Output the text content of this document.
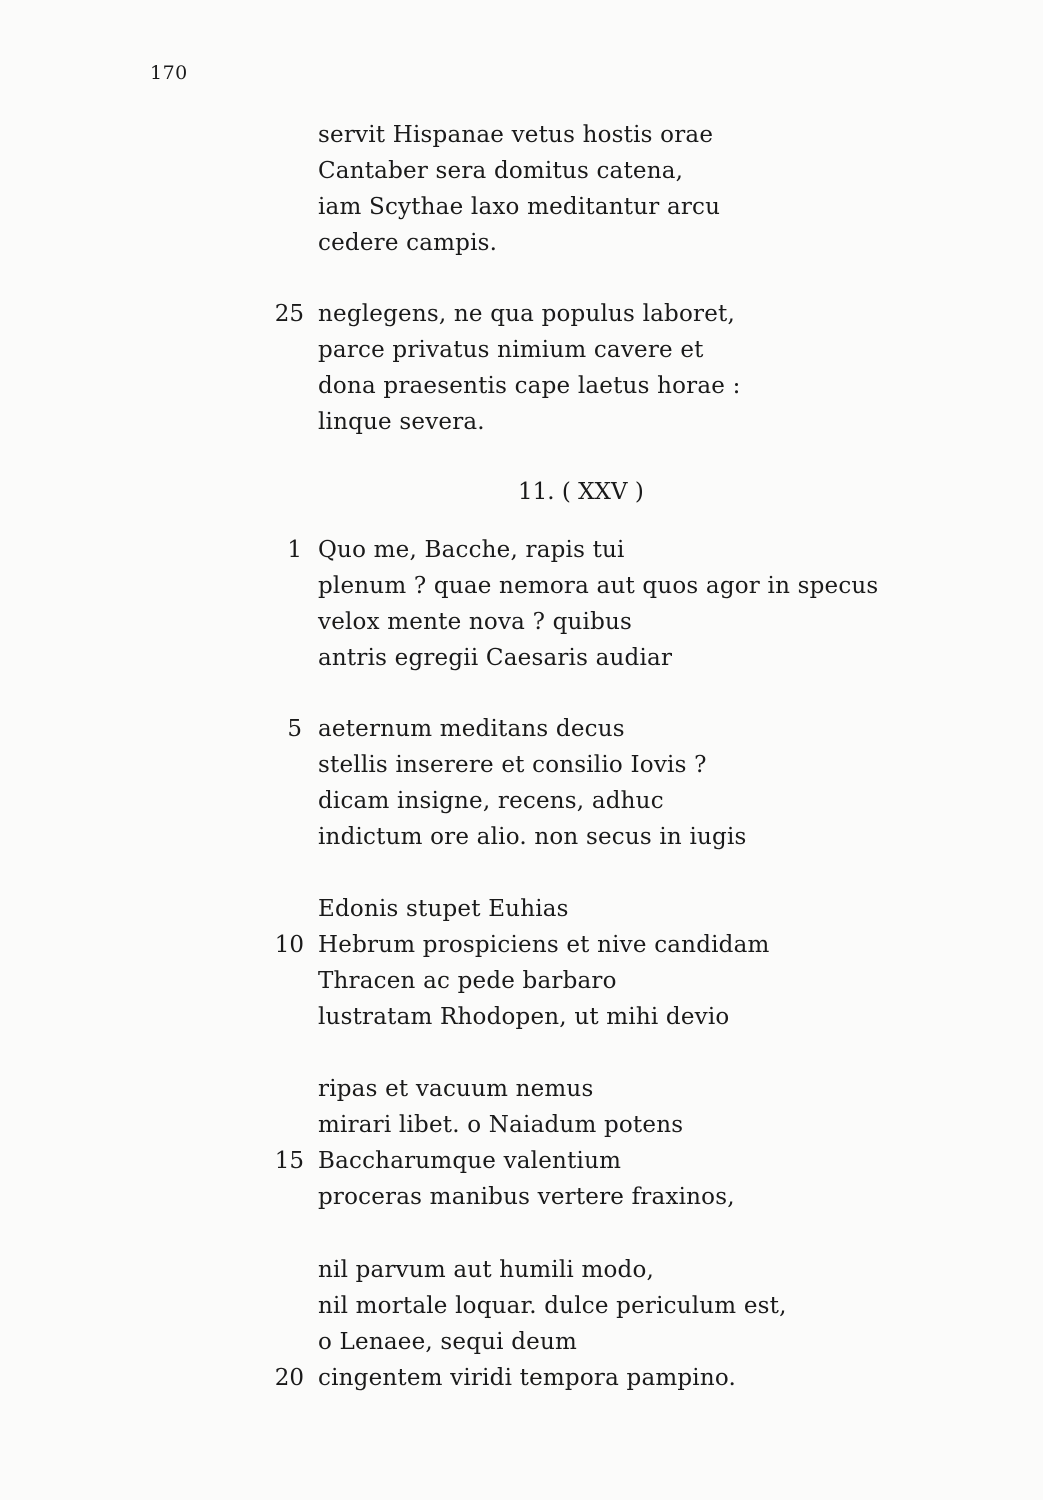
170
servit Hispanae vetus hostis orae
Cantaber sera domitus catena,
iam Scythae laxo meditantur arcu
cedere campis.
25 neglegens, ne qua populus laboret,
parce privatus nimium cavere et
dona praesentis cape laetus horae :
linque severa.
11. ( XXV )
1 Quo me, Bacche, rapis tui
plenum ? quae nemora aut quos agor in specus
velox mente nova ? quibus
antris egregii Caesaris audiar
5 aeternum meditans decus
stellis inserere et consilio Iovis ?
dicam insigne, recens, adhuc
indictum ore alio. non secus in iugis
Edonis stupet Euhias
10 Hebrum prospiciens et nive candidam
Thracen ac pede barbaro
lustratam Rhodopen, ut mihi devio
ripas et vacuum nemus
mirari libet. o Naiadum potens
15 Baccharumque valentium
proceras manibus vertere fraxinos,
nil parvum aut humili modo,
nil mortale loquar. dulce periculum est,
o Lenaee, sequi deum
20 cingentem viridi tempora pampino.
